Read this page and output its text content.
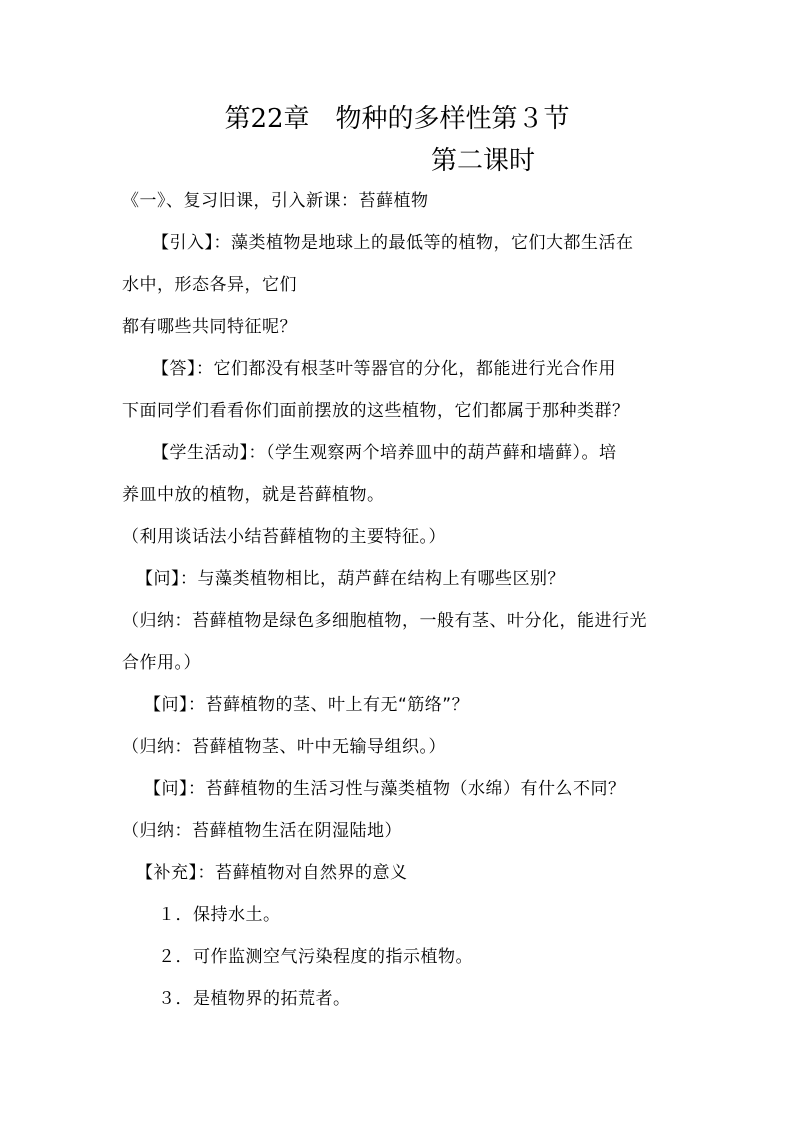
第22章　物种的多样性第３节
第二课时
《一》、复习旧课，引入新课：苔藓植物
【引入】：藻类植物是地球上的最低等的植物，它们大都生活在
水中，形态各异，它们
都有哪些共同特征呢？
【答】：它们都没有根茎叶等器官的分化，都能进行光合作用
下面同学们看看你们面前摆放的这些植物，它们都属于那种类群？
【学生活动】：（学生观察两个培养皿中的葫芦藓和墙藓）。培
养皿中放的植物，就是苔藓植物。
（利用谈话法小结苔藓植物的主要特征。）
【问】：与藻类植物相比，葫芦藓在结构上有哪些区别？
（归纳：苔藓植物是绿色多细胞植物，一般有茎、叶分化，能进行光
合作用。）
【问】：苔藓植物的茎、叶上有无“筋络”？
（归纳：苔藓植物茎、叶中无输导组织。）
【问】：苔藓植物的生活习性与藻类植物（水绵）有什么不同？
（归纳：苔藓植物生活在阴湿陆地）
【补充】：苔藓植物对自然界的意义
１．保持水土。
２．可作监测空气污染程度的指示植物。
３．是植物界的拓荒者。
